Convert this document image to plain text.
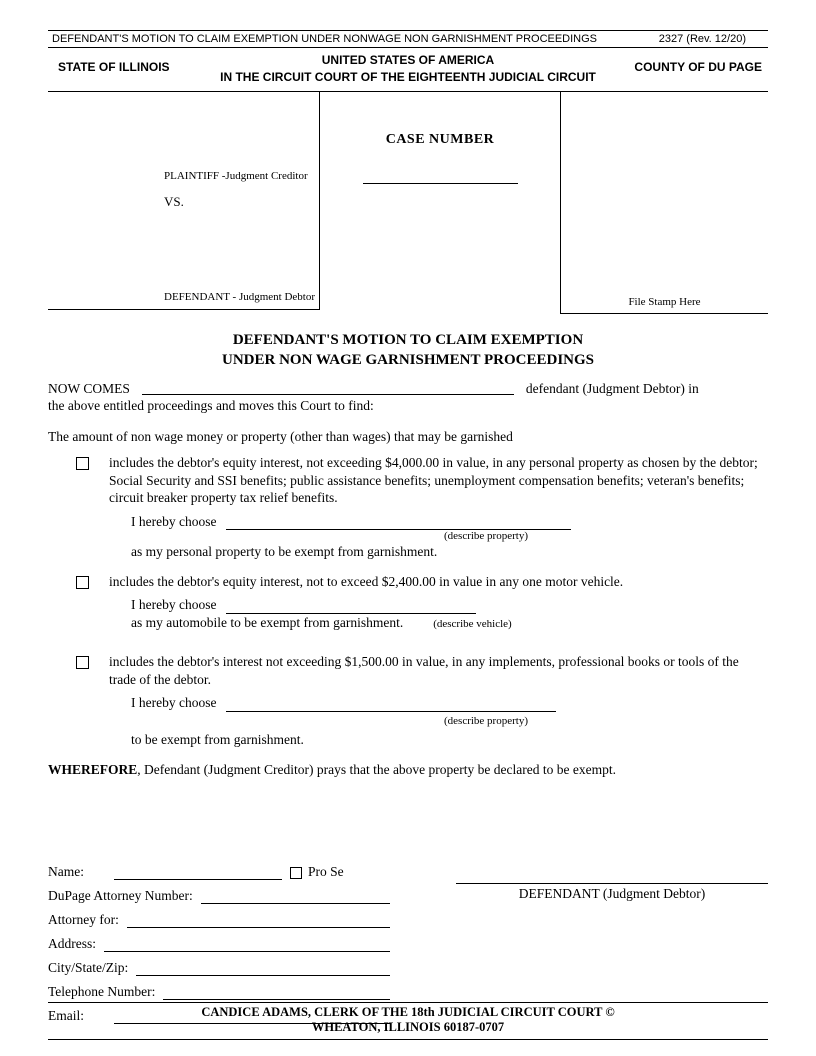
DEFENDANT'S MOTION TO CLAIM EXEMPTION UNDER NONWAGE NON GARNISHMENT PROCEEDINGS	2327 (Rev. 12/20)
UNITED STATES OF AMERICA
STATE OF ILLINOIS	COUNTY OF DU PAGE
IN THE CIRCUIT COURT OF THE EIGHTEENTH JUDICIAL CIRCUIT
PLAINTIFF -Judgment Creditor
VS.
DEFENDANT - Judgment Debtor
CASE NUMBER
File Stamp Here
DEFENDANT'S MOTION TO CLAIM EXEMPTION
UNDER NON WAGE GARNISHMENT PROCEEDINGS
NOW COMES	defendant (Judgment Debtor) in
the above entitled proceedings and moves this Court to find:
The amount of non wage money or property (other than wages) that may be garnished
includes the debtor's equity interest, not exceeding $4,000.00 in value, in any personal property as chosen by the debtor; Social Security and SSI benefits; public assistance benefits; unemployment compensation benefits; veteran's benefits; circuit breaker property tax relief benefits.
I hereby choose
(describe property)
as my personal property to be exempt from garnishment.
includes the debtor's equity interest, not to exceed $2,400.00 in value in any one motor vehicle.
I hereby choose
as my automobile to be exempt from garnishment.	(describe vehicle)
includes the debtor's interest not exceeding $1,500.00 in value, in any implements, professional books or tools of the trade of the debtor.
I hereby choose
(describe property)
to be exempt from garnishment.
WHEREFORE, Defendant (Judgment Creditor) prays that the above property be declared to be exempt.
Name:	Pro Se
DuPage Attorney Number:
Attorney for:
Address:
City/State/Zip:
Telephone Number:
Email:
DEFENDANT (Judgment Debtor)
CANDICE ADAMS, CLERK OF THE 18th JUDICIAL CIRCUIT COURT ©
WHEATON, ILLINOIS 60187-0707
